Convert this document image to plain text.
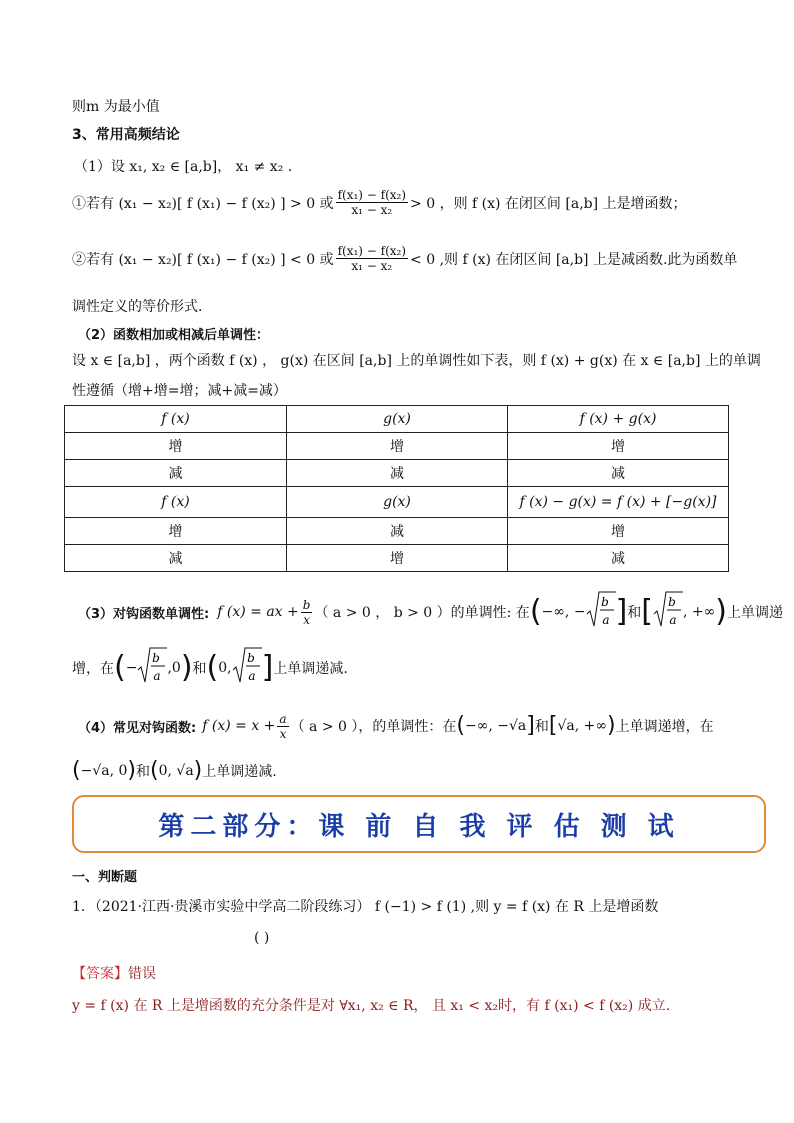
则m 为最小值
3、常用高频结论
（1）设 x₁, x₂ ∈ [a,b]， x₁ ≠ x₂ .
①若有 (x₁ − x₂)[ f (x₁) − f (x₂) ] > 0 或 $\frac{\text{f(x₁) − f(x₂)}}{\text{x₁ − x₂}} > 0$ ，则 f (x) 在闭区间 [a,b] 上是增函数；
②若有 (x₁ − x₂)[ f (x₁) − f (x₂) ] < 0 或 $\frac{\text{f(x₁) − f(x₂)}}{\text{x₁ − x₂}} < 0$ ,则 f (x) 在闭区间 [a,b] 上是减函数.此为函数单
调性定义的等价形式.
（2）函数相加或相减后单调性：
设 x ∈ [a,b] ，两个函数 f (x) ， g(x) 在区间 [a,b] 上的单调性如下表，则 f (x) + g(x) 在 x ∈ [a,b] 上的单调
性遵循（增+增=增；减+减=减）
f (x)	g(x)	f (x) + g(x)
增	增	增
减	减	减
f (x)	g(x)	f (x) − g(x) = f (x) + [−g(x)]
增	减	增
减	增	减
（3）对钩函数单调性: f (x) = ax + $\frac{b}{x}$ （ a > 0 ， b > 0 ）的单调性: 在 ( −∞, −
b
a ] 和 [ b
a , +∞ ) 上单调递
增，在 ( −
b
a ,0 ) 和 ( 0,
b
a ] 上单调递减.
（4）常见对钩函数: f $(x) = x + \frac{a}{x}$ （ a > 0 ），的单调性：在 ( −∞, −√a ] 和 [ √a, +∞ ) 上单调递增，在
( −√a, 0 ) 和 ( 0, √a ) 上单调递减.
第二部分：课 前 自 我 评 估 测 试
一、判断题
1．（2021·江西·贵溪市实验中学高二阶段练习） f (−1) > f (1) ,则 y = f (x) 在 R 上是增函数
( )
【答案】错误
y = f (x) 在 R 上是增函数的充分条件是对 ∀x₁, x₂ ∈ R， 且 x₁ < x₂时，有 f (x₁) < f (x₂) 成立.
